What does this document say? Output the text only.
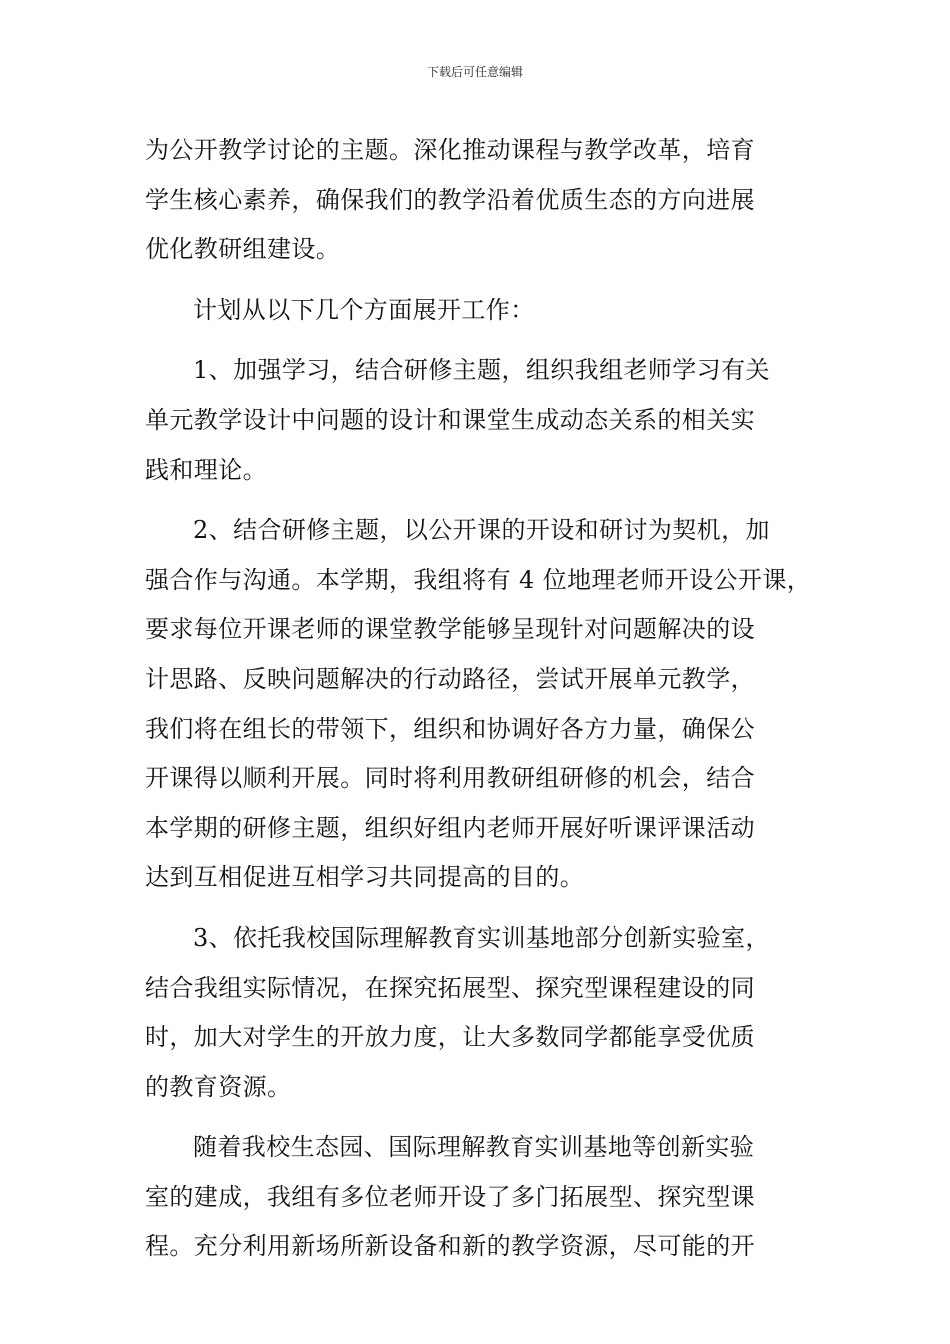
下载后可任意编辑
为公开教学讨论的主题。深化推动课程与教学改革，培育
学生核心素养，确保我们的教学沿着优质生态的方向进展
优化教研组建设。
计划从以下几个方面展开工作：
1、加强学习，结合研修主题，组织我组老师学习有关
单元教学设计中问题的设计和课堂生成动态关系的相关实
践和理论。
2、结合研修主题，以公开课的开设和研讨为契机，加
强合作与沟通。本学期，我组将有 4 位地理老师开设公开课，
要求每位开课老师的课堂教学能够呈现针对问题解决的设
计思路、反映问题解决的行动路径，尝试开展单元教学，
我们将在组长的带领下，组织和协调好各方力量，确保公
开课得以顺利开展。同时将利用教研组研修的机会，结合
本学期的研修主题，组织好组内老师开展好听课评课活动
达到互相促进互相学习共同提高的目的。
3、依托我校国际理解教育实训基地部分创新实验室，
结合我组实际情况，在探究拓展型、探究型课程建设的同
时，加大对学生的开放力度，让大多数同学都能享受优质
的教育资源。
随着我校生态园、国际理解教育实训基地等创新实验
室的建成，我组有多位老师开设了多门拓展型、探究型课
程。充分利用新场所新设备和新的教学资源，尽可能的开
